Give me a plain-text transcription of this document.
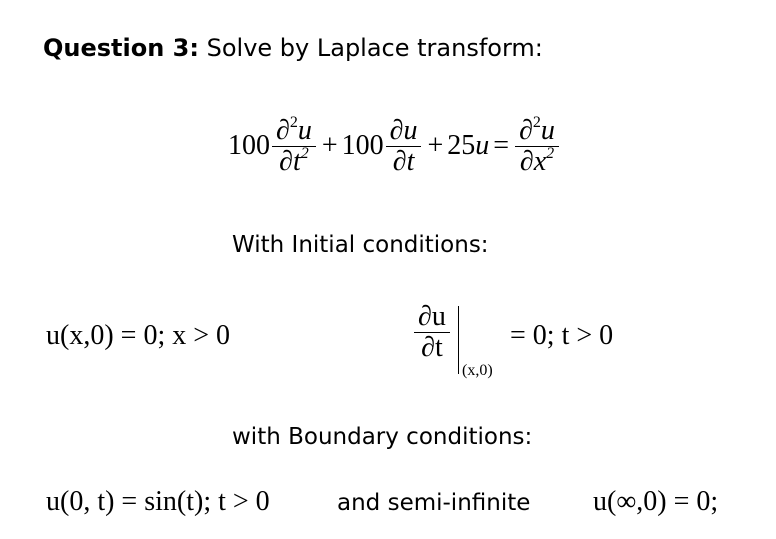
Question 3: Solve by Laplace transform:
$100 \frac{\partial^2u}{\partial t^2} + 100 \frac{\partial u}{\partial t} + 25$ $u = \frac{\partial^2u}{\partial x^2}$
With Initial conditions:
u(x,0) = 0; x > 0
∂u
∂t
(x,0)
= 0; t > 0
with Boundary conditions:
u(0, t) = sin(t); t > 0	and semi-infinite u(∞,0) = 0;
